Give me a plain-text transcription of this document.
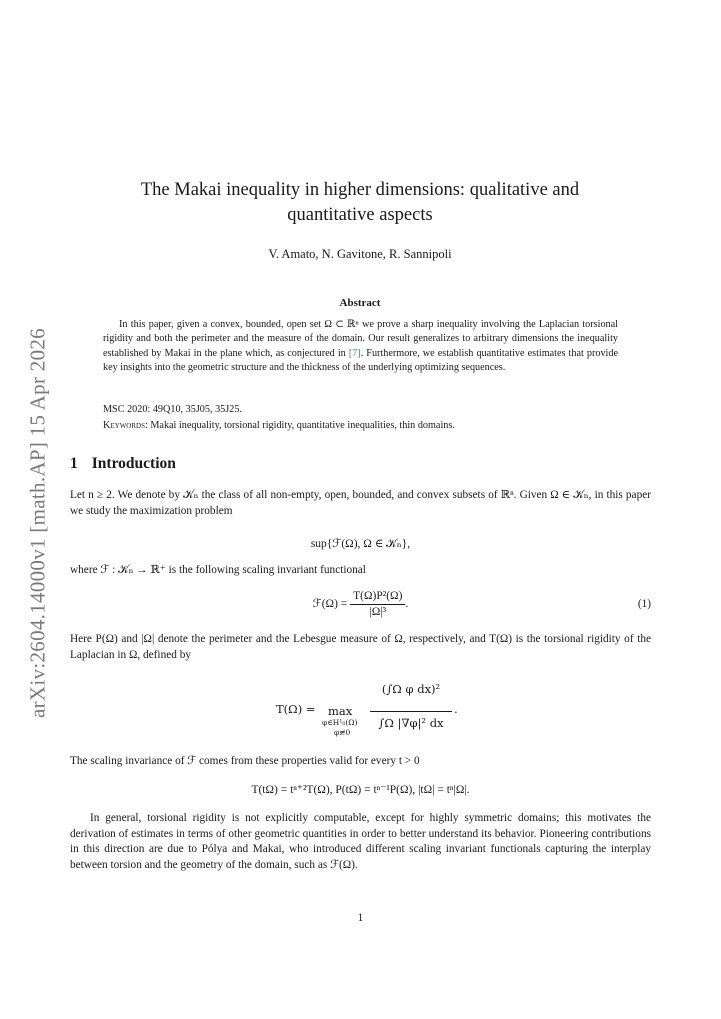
arXiv:2604.14000v1 [math.AP] 15 Apr 2026
The Makai inequality in higher dimensions: qualitative and
quantitative aspects
V. Amato, N. Gavitone, R. Sannipoli
Abstract
In this paper, given a convex, bounded, open set Ω ⊂ ℝⁿ we prove a sharp inequality involving the Laplacian torsional rigidity and both the perimeter and the measure of the domain. Our result generalizes to arbitrary dimensions the inequality established by Makai in the plane which, as conjectured in [7]. Furthermore, we establish quantitative estimates that provide key insights into the geometric structure and the thickness of the underlying optimizing sequences.
MSC 2020: 49Q10, 35J05, 35J25.
Keywords: Makai inequality, torsional rigidity, quantitative inequalities, thin domains.
1 Introduction
Let n ≥ 2. We denote by 𝒦ₙ the class of all non-empty, open, bounded, and convex subsets of ℝⁿ. Given Ω ∈ 𝒦ₙ, in this paper we study the maximization problem
sup{ℱ(Ω), Ω ∈ 𝒦ₙ},
where ℱ : 𝒦ₙ → ℝ⁺ is the following scaling invariant functional
ℱ(Ω) = $\frac{\text{T(Ω)P²(Ω)}}{\text{|Ω|³}}$ .	(1)
Here P(Ω) and |Ω| denote the perimeter and the Lebesgue measure of Ω, respectively, and T(Ω) is the torsional rigidity of the Laplacian in Ω, defined by
T(Ω) = max
φ∈H¹₀(Ω)
φ≢0
(∫Ω φ dx)²
∫Ω |∇φ|² dx
.
The scaling invariance of ℱ comes from these properties valid for every t > 0
T(tΩ) = tⁿ⁺²T(Ω), P(tΩ) = tⁿ⁻¹P(Ω), |tΩ| = tⁿ|Ω|.
In general, torsional rigidity is not explicitly computable, except for highly symmetric domains; this motivates the derivation of estimates in terms of other geometric quantities in order to better understand its behavior. Pioneering contributions in this direction are due to Pólya and Makai, who introduced different scaling invariant functionals capturing the interplay between torsion and the geometry of the domain, such as ℱ(Ω).
1
